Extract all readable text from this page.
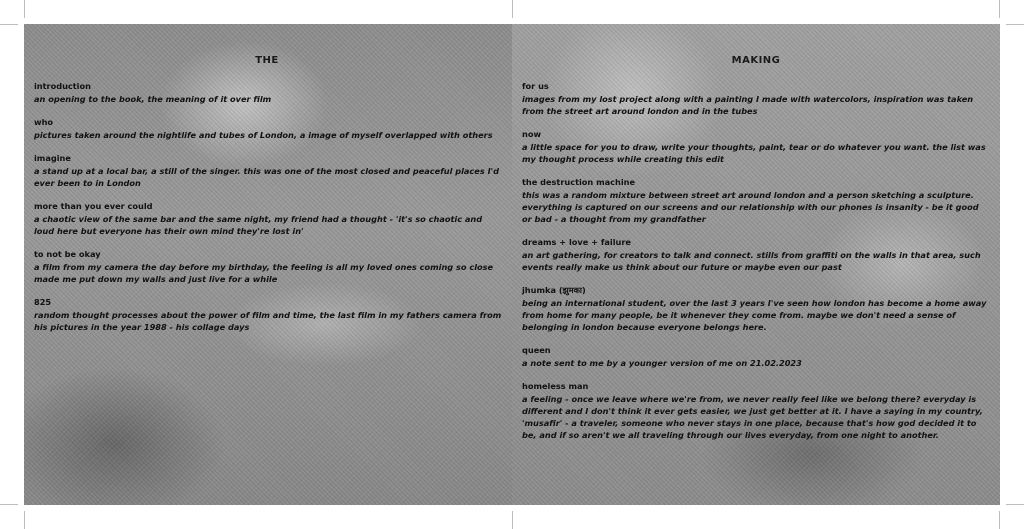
THE
introduction
an opening to the book, the meaning of it over film
who
pictures taken around the nightlife and tubes of London, a image of myself overlapped with others
imagine
a stand up at a local bar, a still of the singer. this was one of the most closed and peaceful places I'd ever been to in London
more than you ever could
a chaotic view of the same bar and the same night, my friend had a thought - 'it's so chaotic and loud here but everyone has their own mind they're lost in'
to not be okay
a film from my camera the day before my birthday, the feeling is all my loved ones coming so close made me put down my walls and just live for a while
825
random thought processes about the power of film and time, the last film in my fathers camera from his pictures in the year 1988 - his collage days
MAKING
for us
images from my lost project along with a painting I made with watercolors, inspiration was taken from the street art around london and in the tubes
now
a little space for you to draw, write your thoughts, paint, tear or do whatever you want. the list was my thought process while creating this edit
the destruction machine
this was a random mixture between street art around london and a person sketching a sculpture. everything is captured on our screens and our relationship with our phones is insanity - be it good or bad - a thought from my grandfather
dreams + love + failure
an art gathering, for creators to talk and connect. stills from graffiti on the walls in that area, such events really make us think about our future or maybe even our past
jhumka (झुमका)
being an international student, over the last 3 years I've seen how london has become a home away from home for many people, be it whenever they come from. maybe we don't need a sense of belonging in london because everyone belongs here.
queen
a note sent to me by a younger version of me on 21.02.2023
homeless man
a feeling - once we leave where we're from, we never really feel like we belong there? everyday is different and I don't think it ever gets easier, we just get better at it. I have a saying in my country, 'musafir' - a traveler, someone who never stays in one place, because that's how god decided it to be, and if so aren't we all traveling through our lives everyday, from one night to another.
